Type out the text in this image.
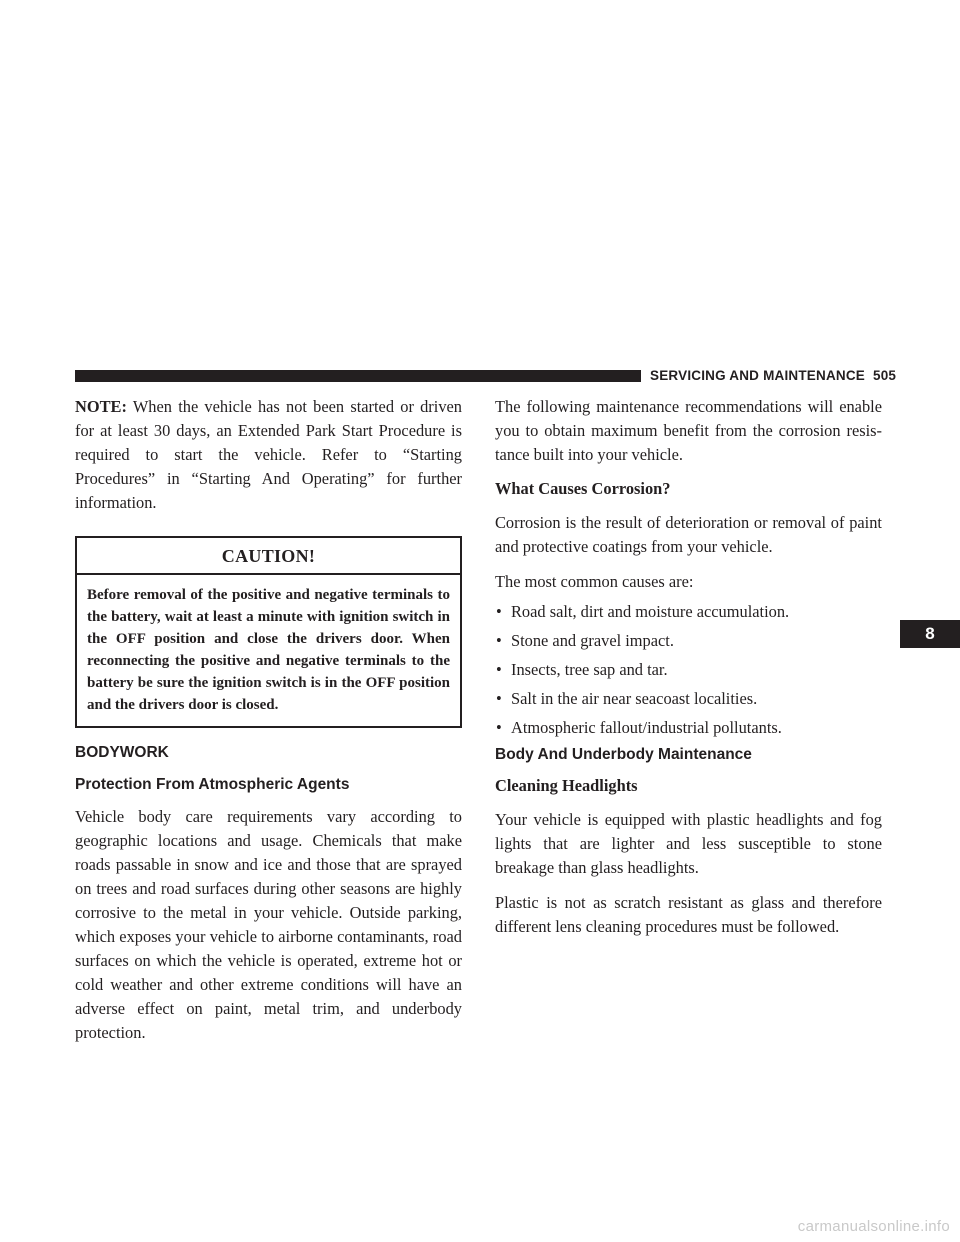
SERVICING AND MAINTENANCE 505

NOTE: When the vehicle has not been started or driven for at least 30 days, an Extended Park Start Procedure is required to start the vehicle. Refer to “Starting Procedures” in “Starting And Operating” for further information.

CAUTION!
Before removal of the positive and negative terminals to the battery, wait at least a minute with ignition switch in the OFF position and close the drivers door. When reconnecting the positive and negative terminals to the battery be sure the ignition switch is in the OFF position and the drivers door is closed.
BODYWORK
Protection From Atmospheric Agents

Vehicle body care requirements vary according to geographic locations and usage. Chemicals that make roads passable in snow and ice and those that are sprayed on trees and road surfaces during other seasons are highly corrosive to the metal in your vehicle. Outside parking, which exposes your vehicle to airborne contaminants, road surfaces on which the vehicle is operated, extreme hot or cold weather and other extreme conditions will have an adverse effect on paint, metal trim, and underbody protection.

The following maintenance recommendations will enable you to obtain maximum benefit from the corrosion resis-tance built into your vehicle.

What Causes Corrosion?

Corrosion is the result of deterioration or removal of paint and protective coatings from your vehicle.

The most common causes are:

• Road salt, dirt and moisture accumulation.
• Stone and gravel impact.
• Insects, tree sap and tar.
• Salt in the air near seacoast localities.
• Atmospheric fallout/industrial pollutants.
Body And Underbody Maintenance
Cleaning Headlights

Your vehicle is equipped with plastic headlights and fog lights that are lighter and less susceptible to stone breakage than glass headlights.

Plastic is not as scratch resistant as glass and therefore different lens cleaning procedures must be followed.

8
carmanualsonline.info
